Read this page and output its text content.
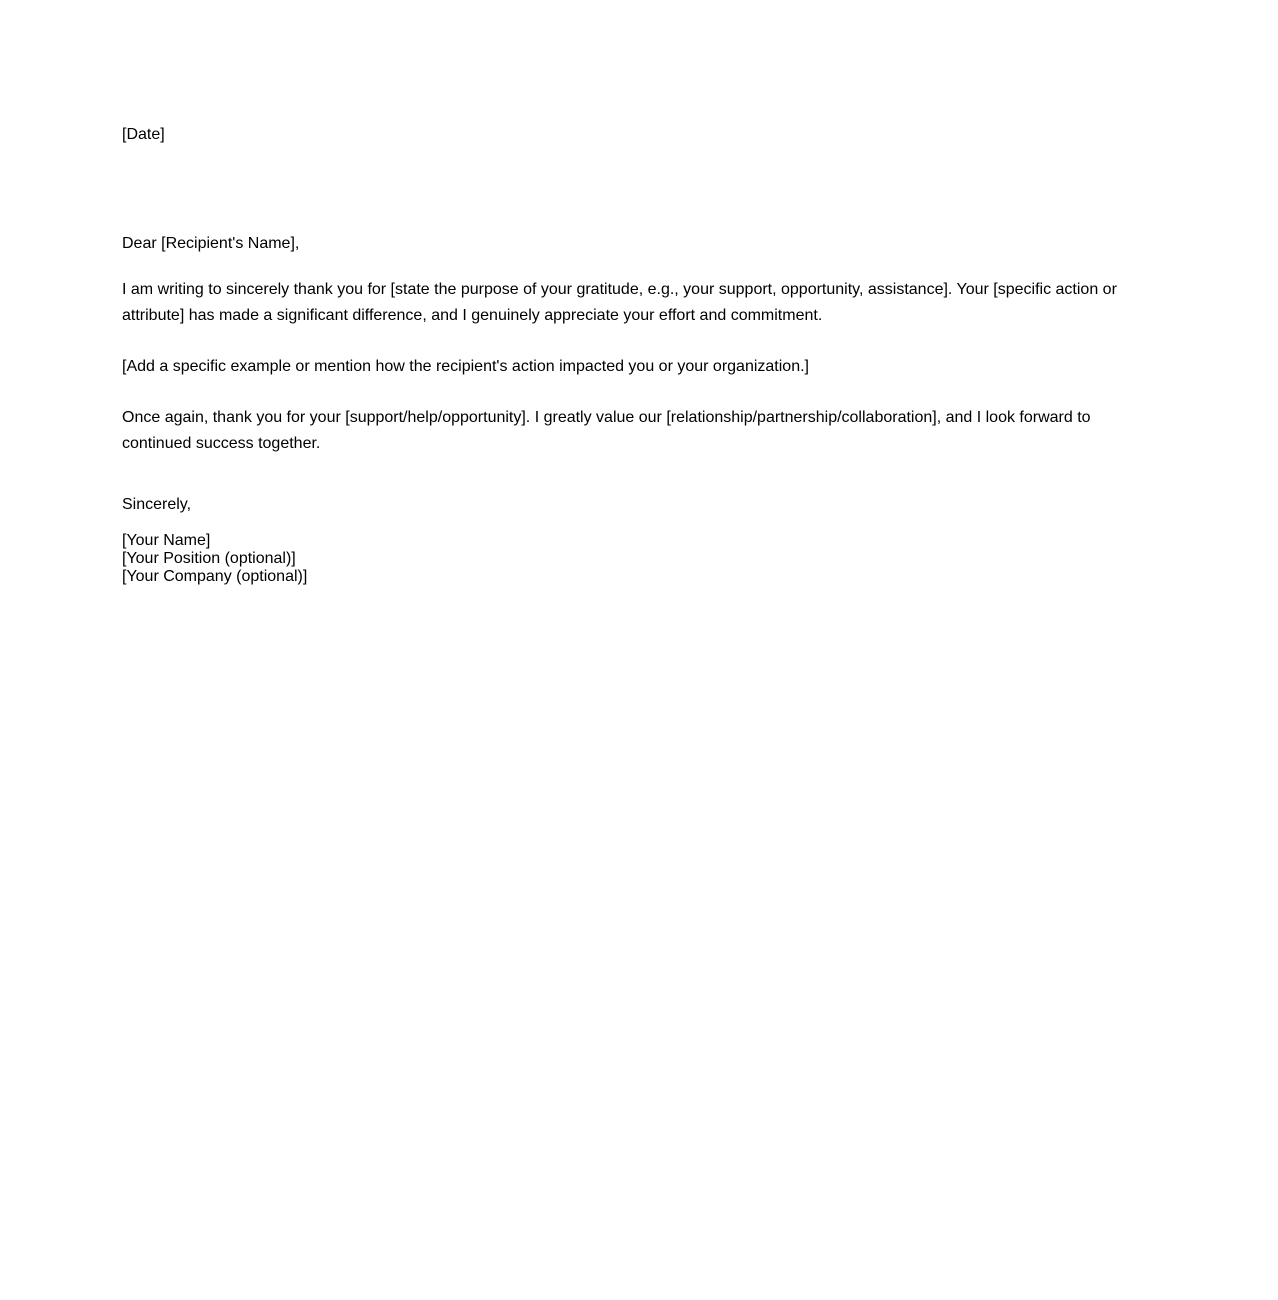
[Date]

Dear [Recipient's Name],

I am writing to sincerely thank you for [state the purpose of your gratitude, e.g., your support, opportunity, assistance]. Your [specific action or attribute] has made a significant difference, and I genuinely appreciate your effort and commitment.

[Add a specific example or mention how the recipient's action impacted you or your organization.]

Once again, thank you for your [support/help/opportunity]. I greatly value our [relationship/partnership/collaboration], and I look forward to continued success together.

Sincerely,

[Your Name]
[Your Position (optional)]
[Your Company (optional)]
